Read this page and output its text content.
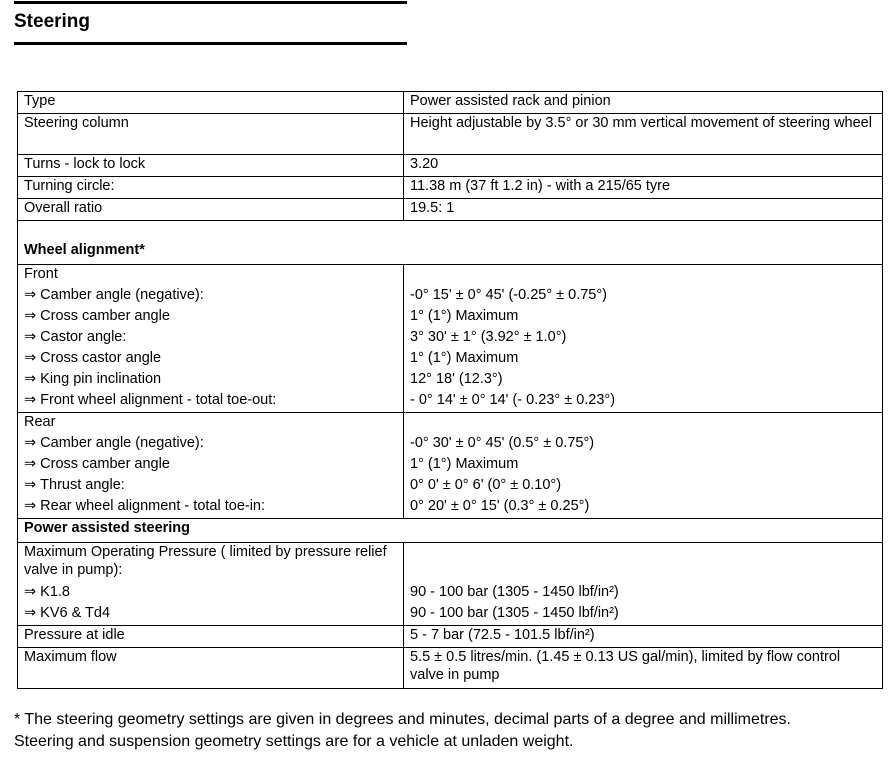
Steering
Type	Power assisted rack and pinion
Steering column	Height adjustable by 3.5° or 30 mm vertical movement of steering wheel
Turns - lock to lock	3.20
Turning circle:	11.38 m (37 ft 1.2 in) - with a 215/65 tyre
Overall ratio	19.5: 1

Wheel alignment*	
Front	
⇒ Camber angle (negative):	-0° 15' ± 0° 45' (-0.25° ± 0.75°)
⇒ Cross camber angle	1° (1°) Maximum
⇒ Castor angle:	3° 30' ± 1° (3.92° ± 1.0°)
⇒ Cross castor angle	1° (1°) Maximum
⇒ King pin inclination	12° 18' (12.3°)
⇒ Front wheel alignment - total toe-out:	- 0° 14' ± 0° 14' (- 0.23° ± 0.23°)
Rear	
⇒ Camber angle (negative):	-0° 30' ± 0° 45' (0.5° ± 0.75°)
⇒ Cross camber angle	1° (1°) Maximum
⇒ Thrust angle:	0° 0' ± 0° 6' (0° ± 0.10°)
⇒ Rear wheel alignment - total toe-in:	0° 20' ± 0° 15' (0.3° ± 0.25°)
Power assisted steering	
Maximum Operating Pressure ( limited by pressure relief valve in pump):	
⇒ K1.8	90 - 100 bar (1305 - 1450 lbf/in²)
⇒ KV6 & Td4	90 - 100 bar (1305 - 1450 lbf/in²)
Pressure at idle	5 - 7 bar (72.5 - 101.5 lbf/in²)
Maximum flow	5.5 ± 0.5 litres/min. (1.45 ± 0.13 US gal/min), limited by flow control valve in pump

* The steering geometry settings are given in degrees and minutes, decimal parts of a degree and millimetres.

Steering and suspension geometry settings are for a vehicle at unladen weight.
